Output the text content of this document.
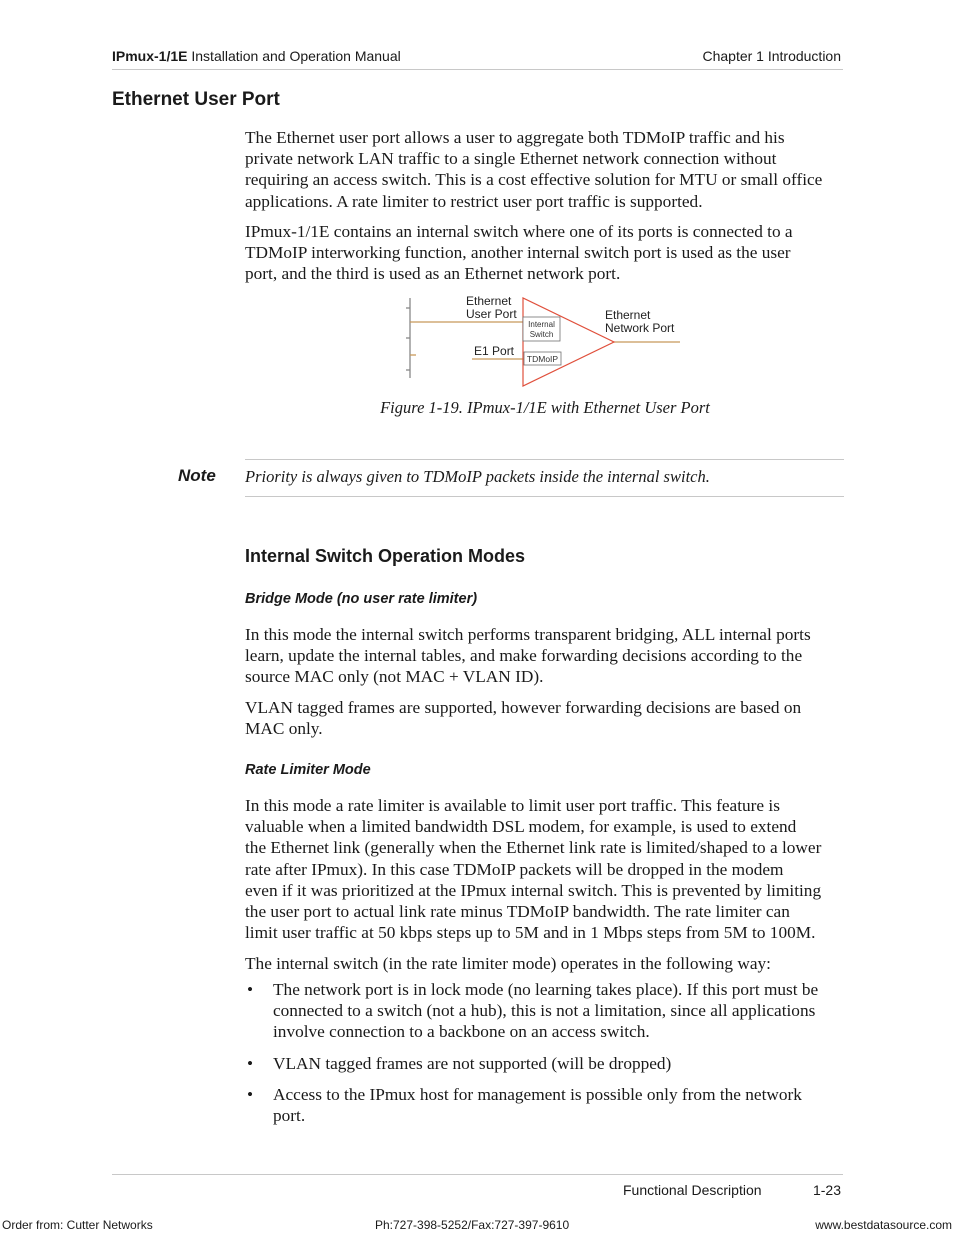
IPmux-1/1E Installation and Operation Manual	Chapter 1 Introduction
Ethernet User Port

The Ethernet user port allows a user to aggregate both TDMoIP traffic and his
private network LAN traffic to a single Ethernet network connection without
requiring an access switch. This is a cost effective solution for MTU or small office
applications. A rate limiter to restrict user port traffic is supported.

IPmux-1/1E contains an internal switch where one of its ports is connected to a
TDMoIP interworking function, another internal switch port is used as the user
port, and the third is used as an Ethernet network port.

Internal
Switch
TDMoIP
Ethernet
User Port
E1 Port
Ethernet
Network Port
Figure 1-19. IPmux-1/1E with Ethernet User Port
Note Priority is always given to TDMoIP packets inside the internal switch.
Internal Switch Operation Modes
Bridge Mode (no user rate limiter)

In this mode the internal switch performs transparent bridging, ALL internal ports
learn, update the internal tables, and make forwarding decisions according to the
source MAC only (not MAC + VLAN ID).

VLAN tagged frames are supported, however forwarding decisions are based on
MAC only.

Rate Limiter Mode

In this mode a rate limiter is available to limit user port traffic. This feature is
valuable when a limited bandwidth DSL modem, for example, is used to extend
the Ethernet link (generally when the Ethernet link rate is limited/shaped to a lower
rate after IPmux). In this case TDMoIP packets will be dropped in the modem
even if it was prioritized at the IPmux internal switch. This is prevented by limiting
the user port to actual link rate minus TDMoIP bandwidth. The rate limiter can
limit user traffic at 50 kbps steps up to 5M and in 1 Mbps steps from 5M to 100M.

The internal switch (in the rate limiter mode) operates in the following way:

• The network port is in lock mode (no learning takes place). If this port must be
connected to a switch (not a hub), this is not a limitation, since all applications
involve connection to a backbone on an access switch.
• VLAN tagged frames are not supported (will be dropped)
• Access to the IPmux host for management is possible only from the network
port.
Functional Description	1-23
Order from: Cutter Networks	Ph:727-398-5252/Fax:727-397-9610	www.bestdatasource.com
